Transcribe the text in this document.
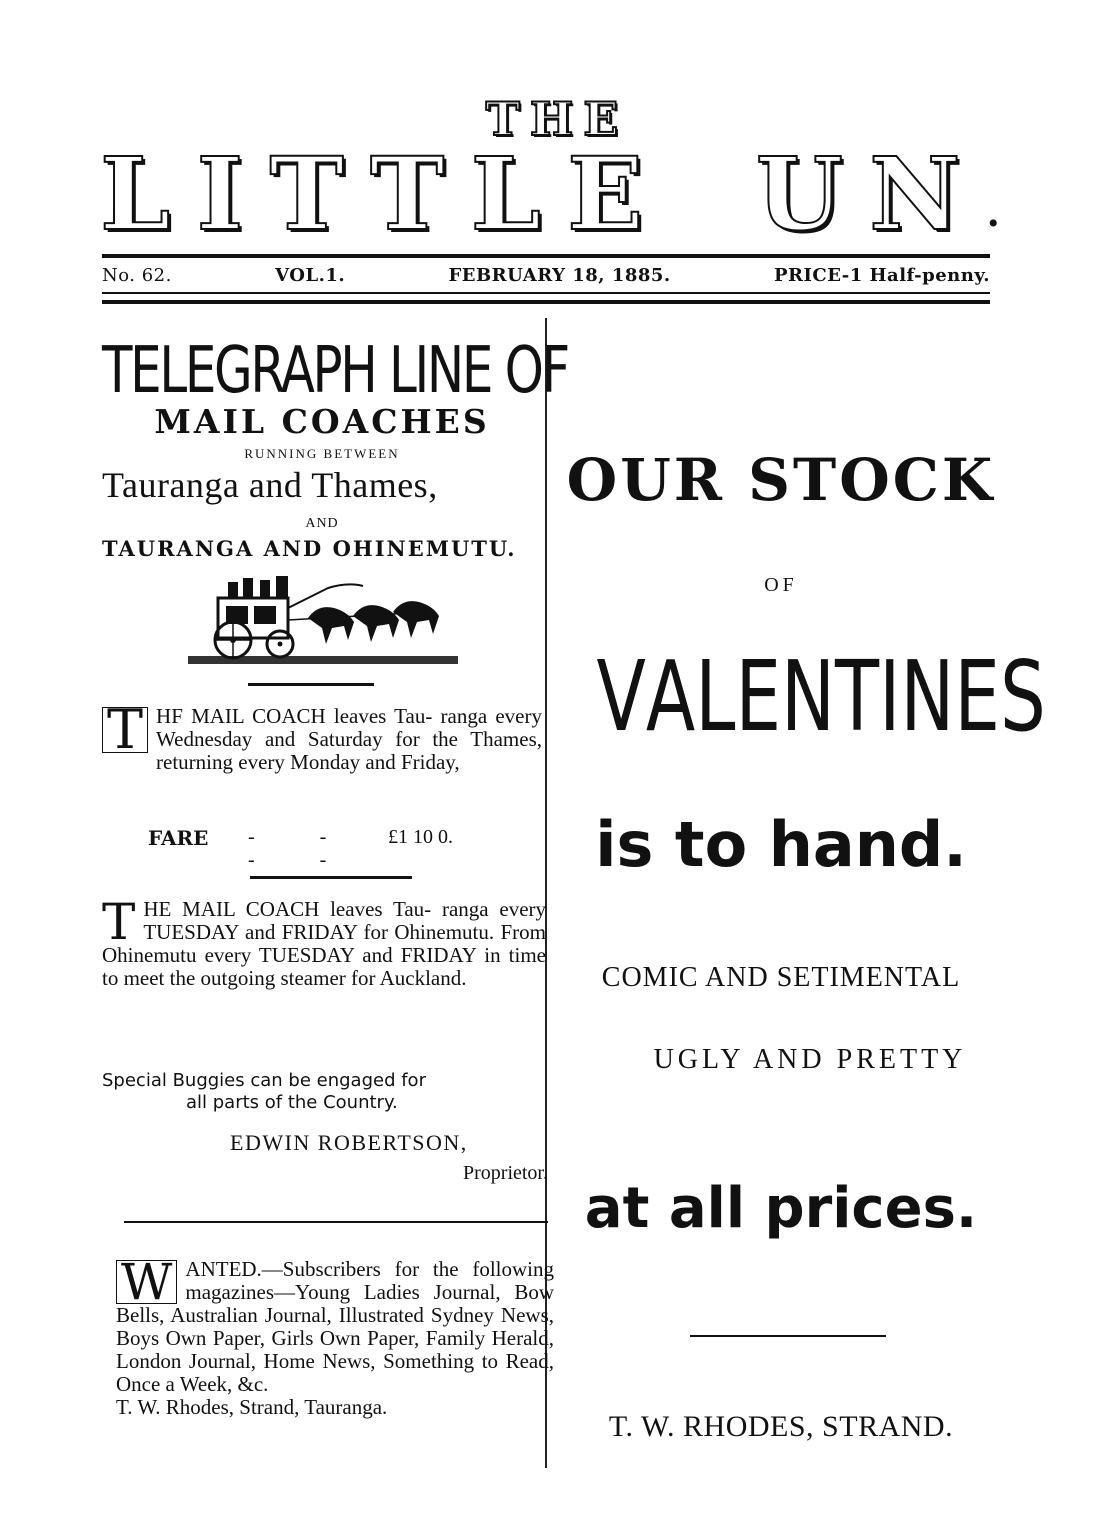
THE
L I T T L E U N .
No. 62.	VOL.1.	FEBRUARY 18, 1885.	PRICE-1 Half-penny.
TELEGRAPH LINE OF
MAIL COACHES
RUNNING BETWEEN
Tauranga and Thames,
AND
TAURANGA AND OHINEMUTU.
T HF MAIL COACH leaves Tau- ranga every Wednesday and Saturday for the Thames, returning every Monday and Friday,
FARE	- - - -
£1 10 0.
THE MAIL COACH leaves Tau- ranga every TUESDAY and FRIDAY for Ohinemutu. From Ohinemutu every TUESDAY and FRIDAY in time to meet the outgoing steamer for Auckland.
Special Buggies can be engaged for
all parts of the Country.
EDWIN ROBERTSON,
Proprietor.
W ANTED.—Subscribers for the following magazines—Young Ladies Journal, Bow Bells, Australian Journal, Illustrated Sydney News, Boys Own Paper, Girls Own Paper, Family Herald, London Journal, Home News, Something to Read, Once a Week, &c.
T. W. Rhodes, Strand, Tauranga.
OUR STOCK
OF
V A L E N T I N E S
is to hand.
COMIC AND SETIMENTAL
UGLY AND PRETTY
at all prices.
T. W. RHODES, STRAND.
